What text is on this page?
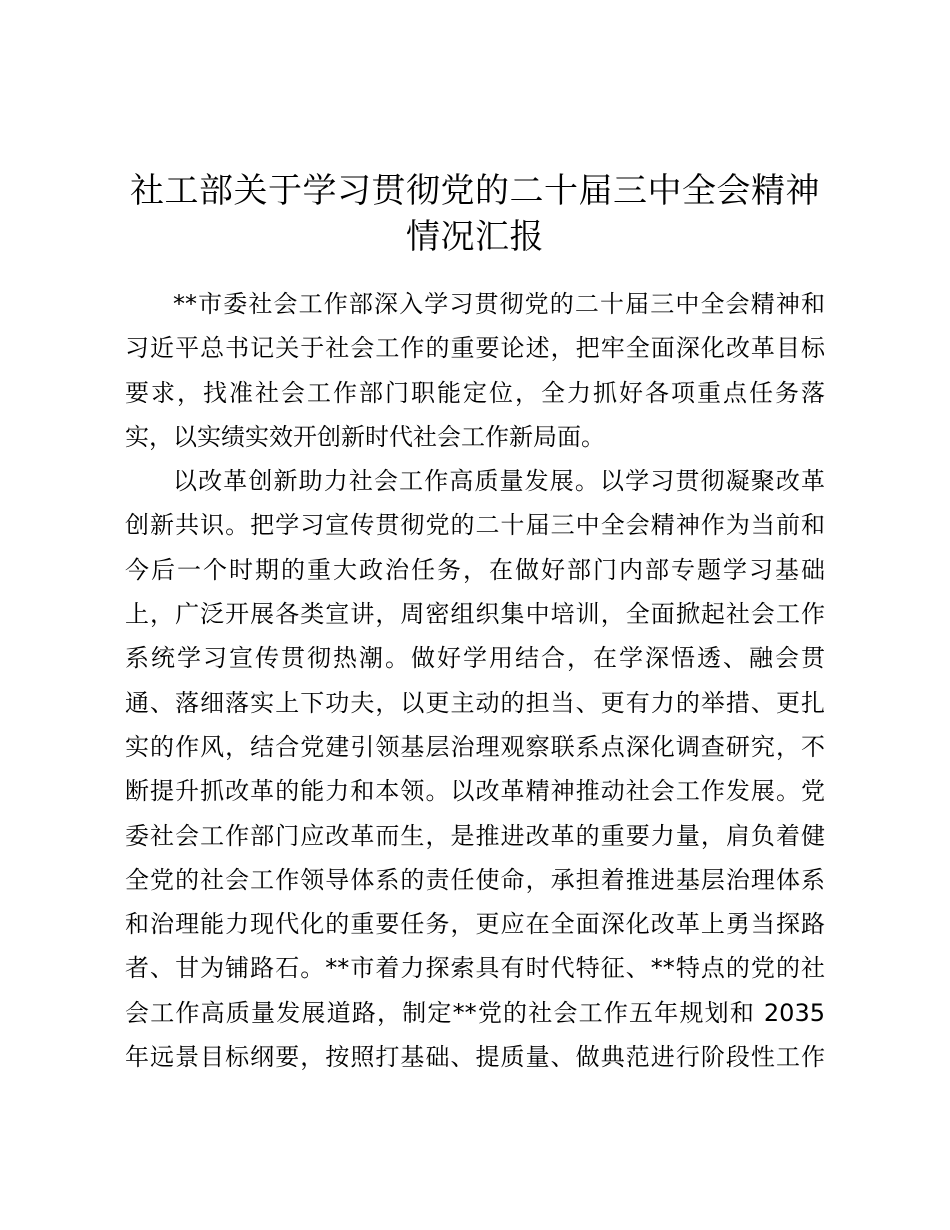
社工部关于学习贯彻党的二十届三中全会精神
情况汇报
**市委社会工作部深入学习贯彻党的二十届三中全会精神和
习近平总书记关于社会工作的重要论述，把牢全面深化改革目标
要求，找准社会工作部门职能定位，全力抓好各项重点任务落
实，以实绩实效开创新时代社会工作新局面。
以改革创新助力社会工作高质量发展。以学习贯彻凝聚改革
创新共识。把学习宣传贯彻党的二十届三中全会精神作为当前和
今后一个时期的重大政治任务，在做好部门内部专题学习基础
上，广泛开展各类宣讲，周密组织集中培训，全面掀起社会工作
系统学习宣传贯彻热潮。做好学用结合，在学深悟透、融会贯
通、落细落实上下功夫，以更主动的担当、更有力的举措、更扎
实的作风，结合党建引领基层治理观察联系点深化调查研究，不
断提升抓改革的能力和本领。以改革精神推动社会工作发展。党
委社会工作部门应改革而生，是推进改革的重要力量，肩负着健
全党的社会工作领导体系的责任使命，承担着推进基层治理体系
和治理能力现代化的重要任务，更应在全面深化改革上勇当探路
者、甘为铺路石。**市着力探索具有时代特征、**特点的党的社
会工作高质量发展道路，制定**党的社会工作五年规划和 2035
年远景目标纲要，按照打基础、提质量、做典范进行阶段性工作
